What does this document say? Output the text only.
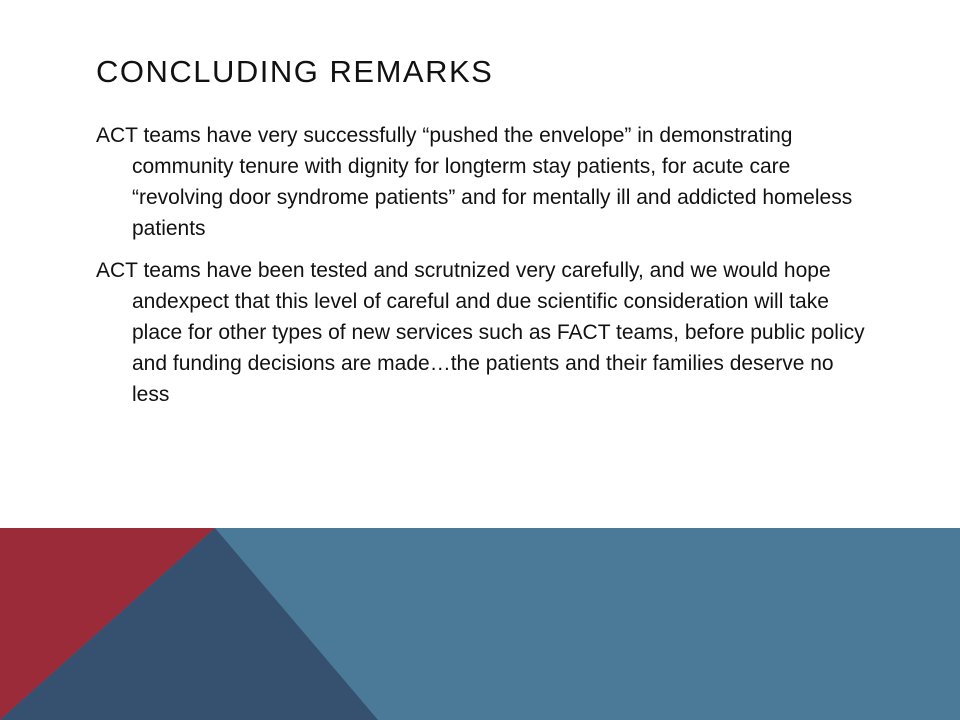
CONCLUDING REMARKS

ACT teams have very successfully “pushed the envelope” in demonstrating community tenure with dignity for longterm stay patients, for acute care “revolving door syndrome patients” and for mentally ill and addicted homeless patients

ACT teams have been tested and scrutnized very carefully, and we would hope andexpect that this level of careful and due scientific consideration will take place for other types of new services such as FACT teams, before public policy and funding decisions are made…the patients and their families deserve no less
